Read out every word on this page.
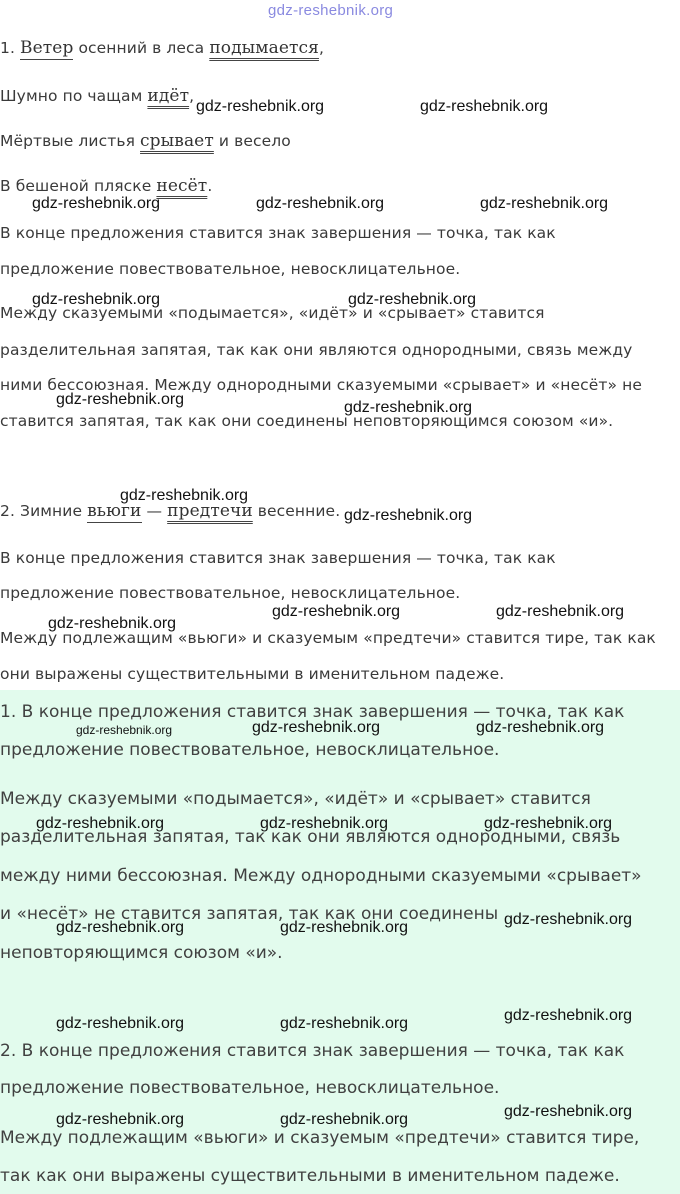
gdz-reshebnik.org
1. Ветер осенний в леса подымается,
Шумно по чащам идёт,
Мёртвые листья срывает и весело
В бешеной пляске несёт.
В конце предложения ставится знак завершения — точка, так как
предложение повествовательное, невосклицательное.
Между сказуемыми «подымается», «идёт» и «срывает» ставится
разделительная запятая, так как они являются однородными, связь между
ними бессоюзная. Между однородными сказуемыми «срывает» и «несёт» не
ставится запятая, так как они соединены неповторяющимся союзом «и».
2. Зимние вьюги — предтечи весенние.
В конце предложения ставится знак завершения — точка, так как
предложение повествовательное, невосклицательное.
Между подлежащим «вьюги» и сказуемым «предтечи» ставится тире, так как
они выражены существительными в именительном падеже.
1. В конце предложения ставится знак завершения — точка, так как
предложение повествовательное, невосклицательное.
Между сказуемыми «подымается», «идёт» и «срывает» ставится
разделительная запятая, так как они являются однородными, связь
между ними бессоюзная. Между однородными сказуемыми «срывает»
и «несёт» не ставится запятая, так как они соединены
неповторяющимся союзом «и».
2. В конце предложения ставится знак завершения — точка, так как
предложение повествовательное, невосклицательное.
Между подлежащим «вьюги» и сказуемым «предтечи» ставится тире,
так как они выражены существительными в именительном падеже.
gdz-reshebnik.org	gdz-reshebnik.org
gdz-reshebnik.org	gdz-reshebnik.org	gdz-reshebnik.org
gdz-reshebnik.org	gdz-reshebnik.org
gdz-reshebnik.org	gdz-reshebnik.org
gdz-reshebnik.org
gdz-reshebnik.org
gdz-reshebnik.org
gdz-reshebnik.org	gdz-reshebnik.org
gdz-reshebnik.org	gdz-reshebnik.org	gdz-reshebnik.org
gdz-reshebnik.org	gdz-reshebnik.org	gdz-reshebnik.org
gdz-reshebnik.org	gdz-reshebnik.org	gdz-reshebnik.org
gdz-reshebnik.org	gdz-reshebnik.org	gdz-reshebnik.org
gdz-reshebnik.org	gdz-reshebnik.org	gdz-reshebnik.org
